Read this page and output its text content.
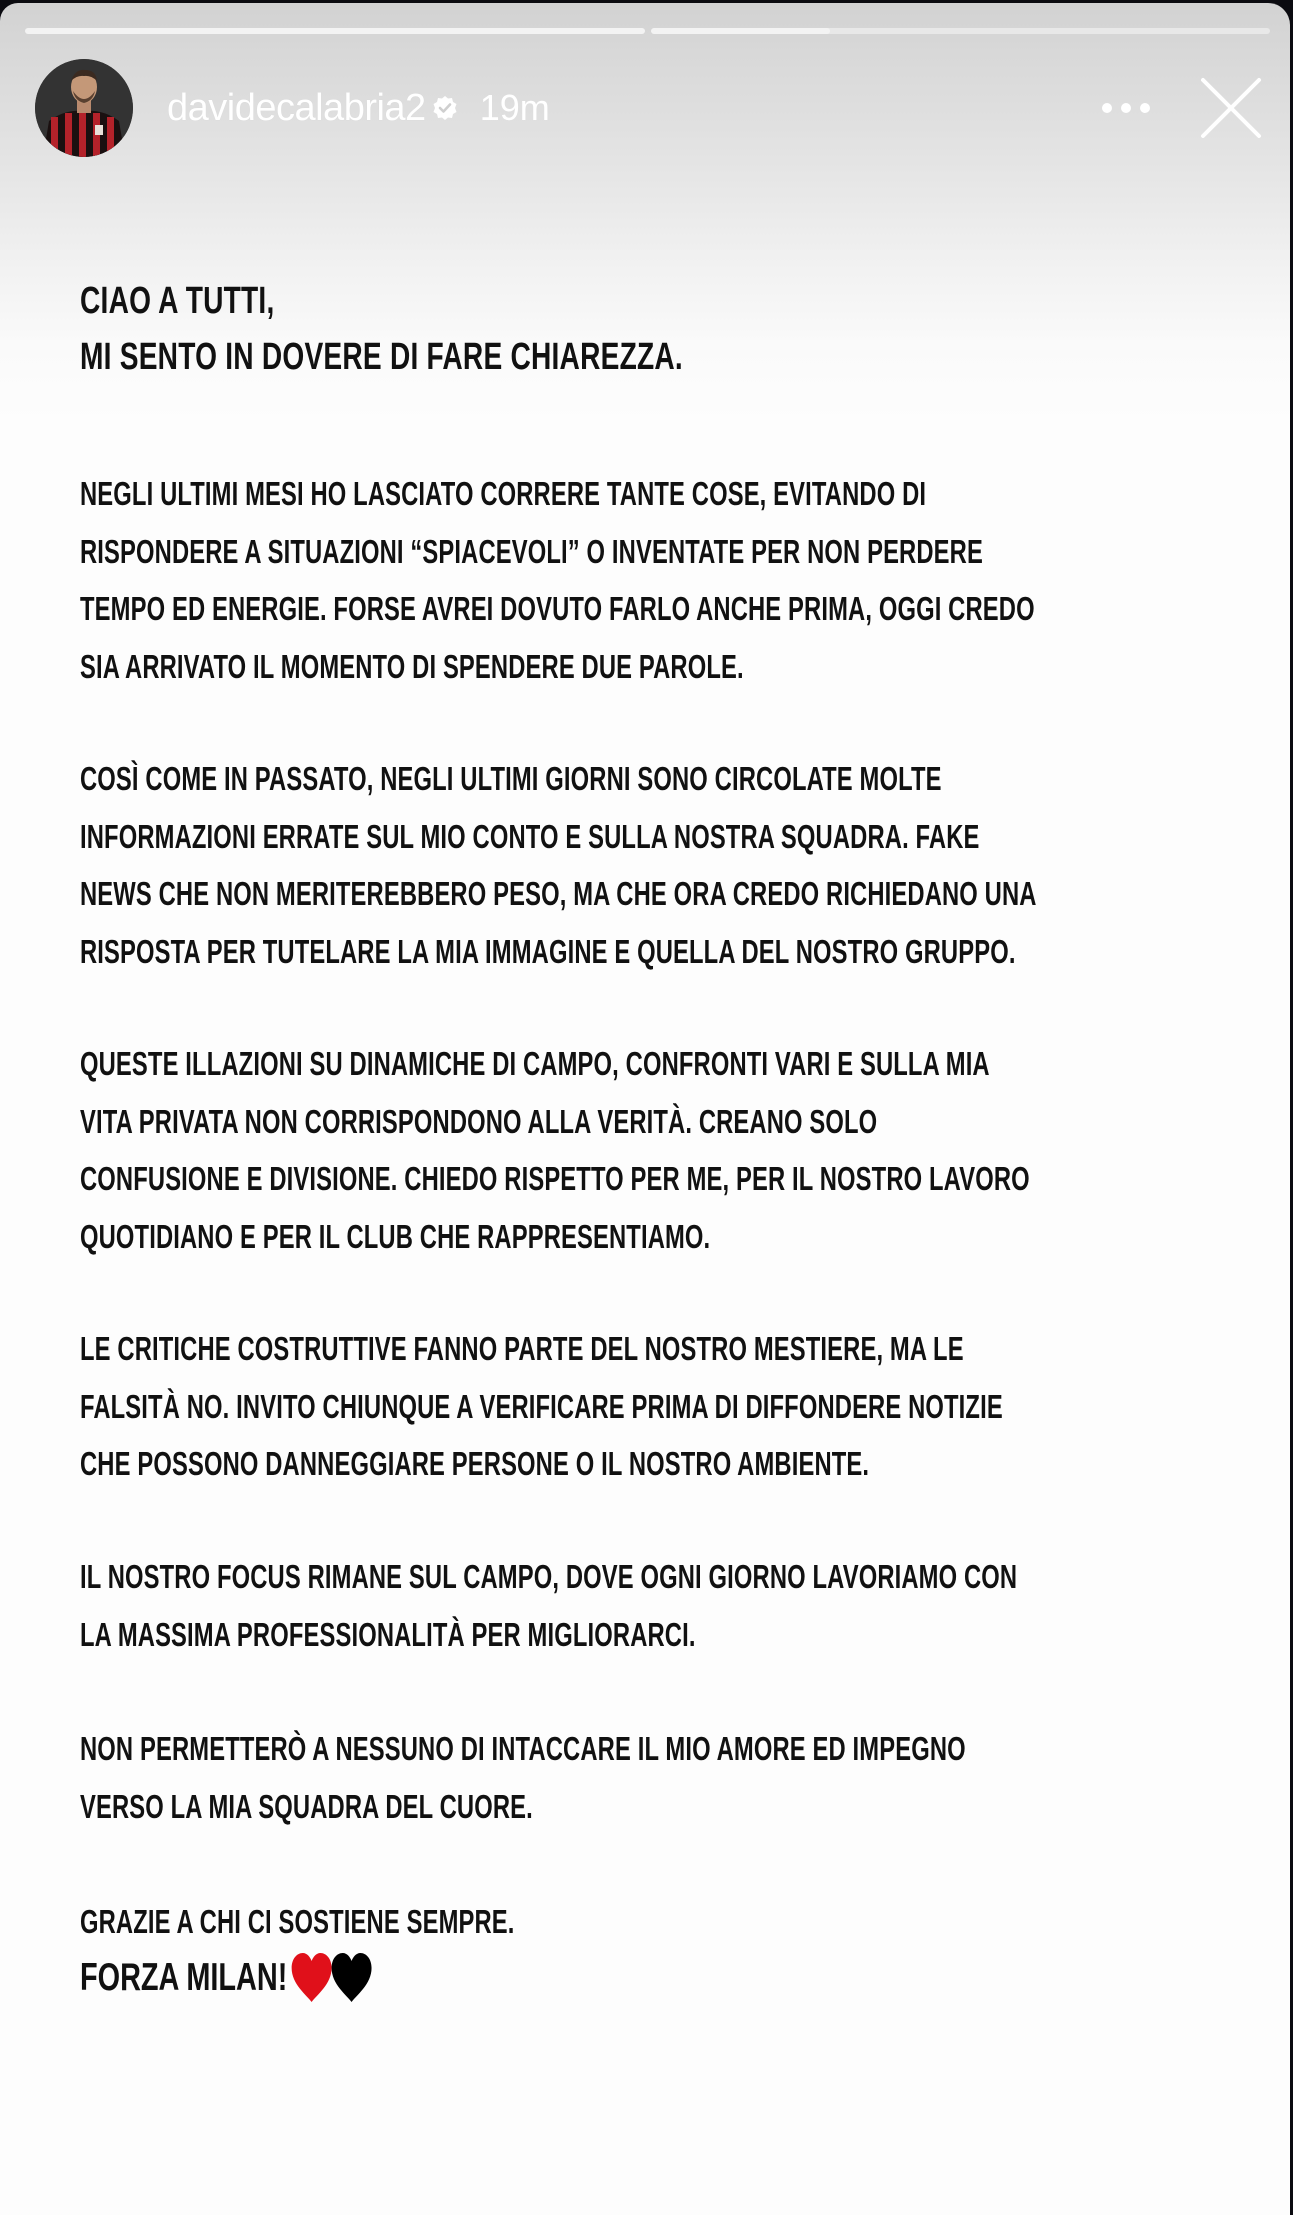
davidecalabria2 19m
CIAO A TUTTI,
MI SENTO IN DOVERE DI FARE CHIAREZZA.
NEGLI ULTIMI MESI HO LASCIATO CORRERE TANTE COSE, EVITANDO DI
RISPONDERE A SITUAZIONI “SPIACEVOLI” O INVENTATE PER NON PERDERE
TEMPO ED ENERGIE. FORSE AVREI DOVUTO FARLO ANCHE PRIMA, OGGI CREDO
SIA ARRIVATO IL MOMENTO DI SPENDERE DUE PAROLE.
COSÌ COME IN PASSATO, NEGLI ULTIMI GIORNI SONO CIRCOLATE MOLTE
INFORMAZIONI ERRATE SUL MIO CONTO E SULLA NOSTRA SQUADRA. FAKE
NEWS CHE NON MERITEREBBERO PESO, MA CHE ORA CREDO RICHIEDANO UNA
RISPOSTA PER TUTELARE LA MIA IMMAGINE E QUELLA DEL NOSTRO GRUPPO.
QUESTE ILLAZIONI SU DINAMICHE DI CAMPO, CONFRONTI VARI E SULLA MIA
VITA PRIVATA NON CORRISPONDONO ALLA VERITÀ. CREANO SOLO
CONFUSIONE E DIVISIONE. CHIEDO RISPETTO PER ME, PER IL NOSTRO LAVORO
QUOTIDIANO E PER IL CLUB CHE RAPPRESENTIAMO.
LE CRITICHE COSTRUTTIVE FANNO PARTE DEL NOSTRO MESTIERE, MA LE
FALSITÀ NO. INVITO CHIUNQUE A VERIFICARE PRIMA DI DIFFONDERE NOTIZIE
CHE POSSONO DANNEGGIARE PERSONE O IL NOSTRO AMBIENTE.
IL NOSTRO FOCUS RIMANE SUL CAMPO, DOVE OGNI GIORNO LAVORIAMO CON
LA MASSIMA PROFESSIONALITÀ PER MIGLIORARCI.
NON PERMETTERÒ A NESSUNO DI INTACCARE IL MIO AMORE ED IMPEGNO
VERSO LA MIA SQUADRA DEL CUORE.
GRAZIE A CHI CI SOSTIENE SEMPRE.
FORZA MILAN!
